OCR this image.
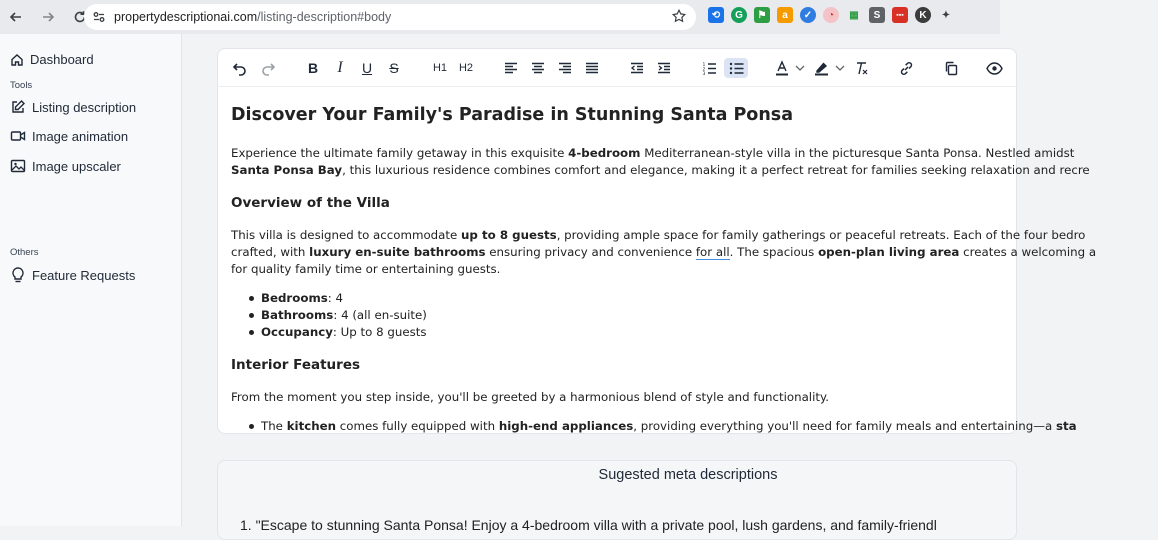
propertydescriptionai.com/listing-description#body	⟲	G	⚑	a	✓	◔	▦	S	▪▪▪	K	✦
Dashboard
Tools
Listing description
Image animation
Image upscaler
Others
Feature Requests
B	I	U	S	H1 H2	1
2
3
Discover Your Family's Paradise in Stunning Santa Ponsa

Experience the ultimate family getaway in this exquisite 4-bedroom Mediterranean-style villa in the picturesque Santa Ponsa. Nestled amidst
Santa Ponsa Bay, this luxurious residence combines comfort and elegance, making it a perfect retreat for families seeking relaxation and recre

Overview of the Villa

This villa is designed to accommodate up to 8 guests, providing ample space for family gatherings or peaceful retreats. Each of the four bedro
crafted, with luxury en-suite bathrooms ensuring privacy and convenience for all. The spacious open-plan living area creates a welcoming a
for quality family time or entertaining guests.

Bedrooms: 4
Bathrooms: 4 (all en-suite)
Occupancy: Up to 8 guests
Interior Features

From the moment you step inside, you'll be greeted by a harmonious blend of style and functionality.

The kitchen comes fully equipped with high-end appliances, providing everything you'll need for family meals and entertaining—a sta
Sugested meta descriptions
1. "Escape to stunning Santa Ponsa! Enjoy a 4-bedroom villa with a private pool, lush gardens, and family-friendl
